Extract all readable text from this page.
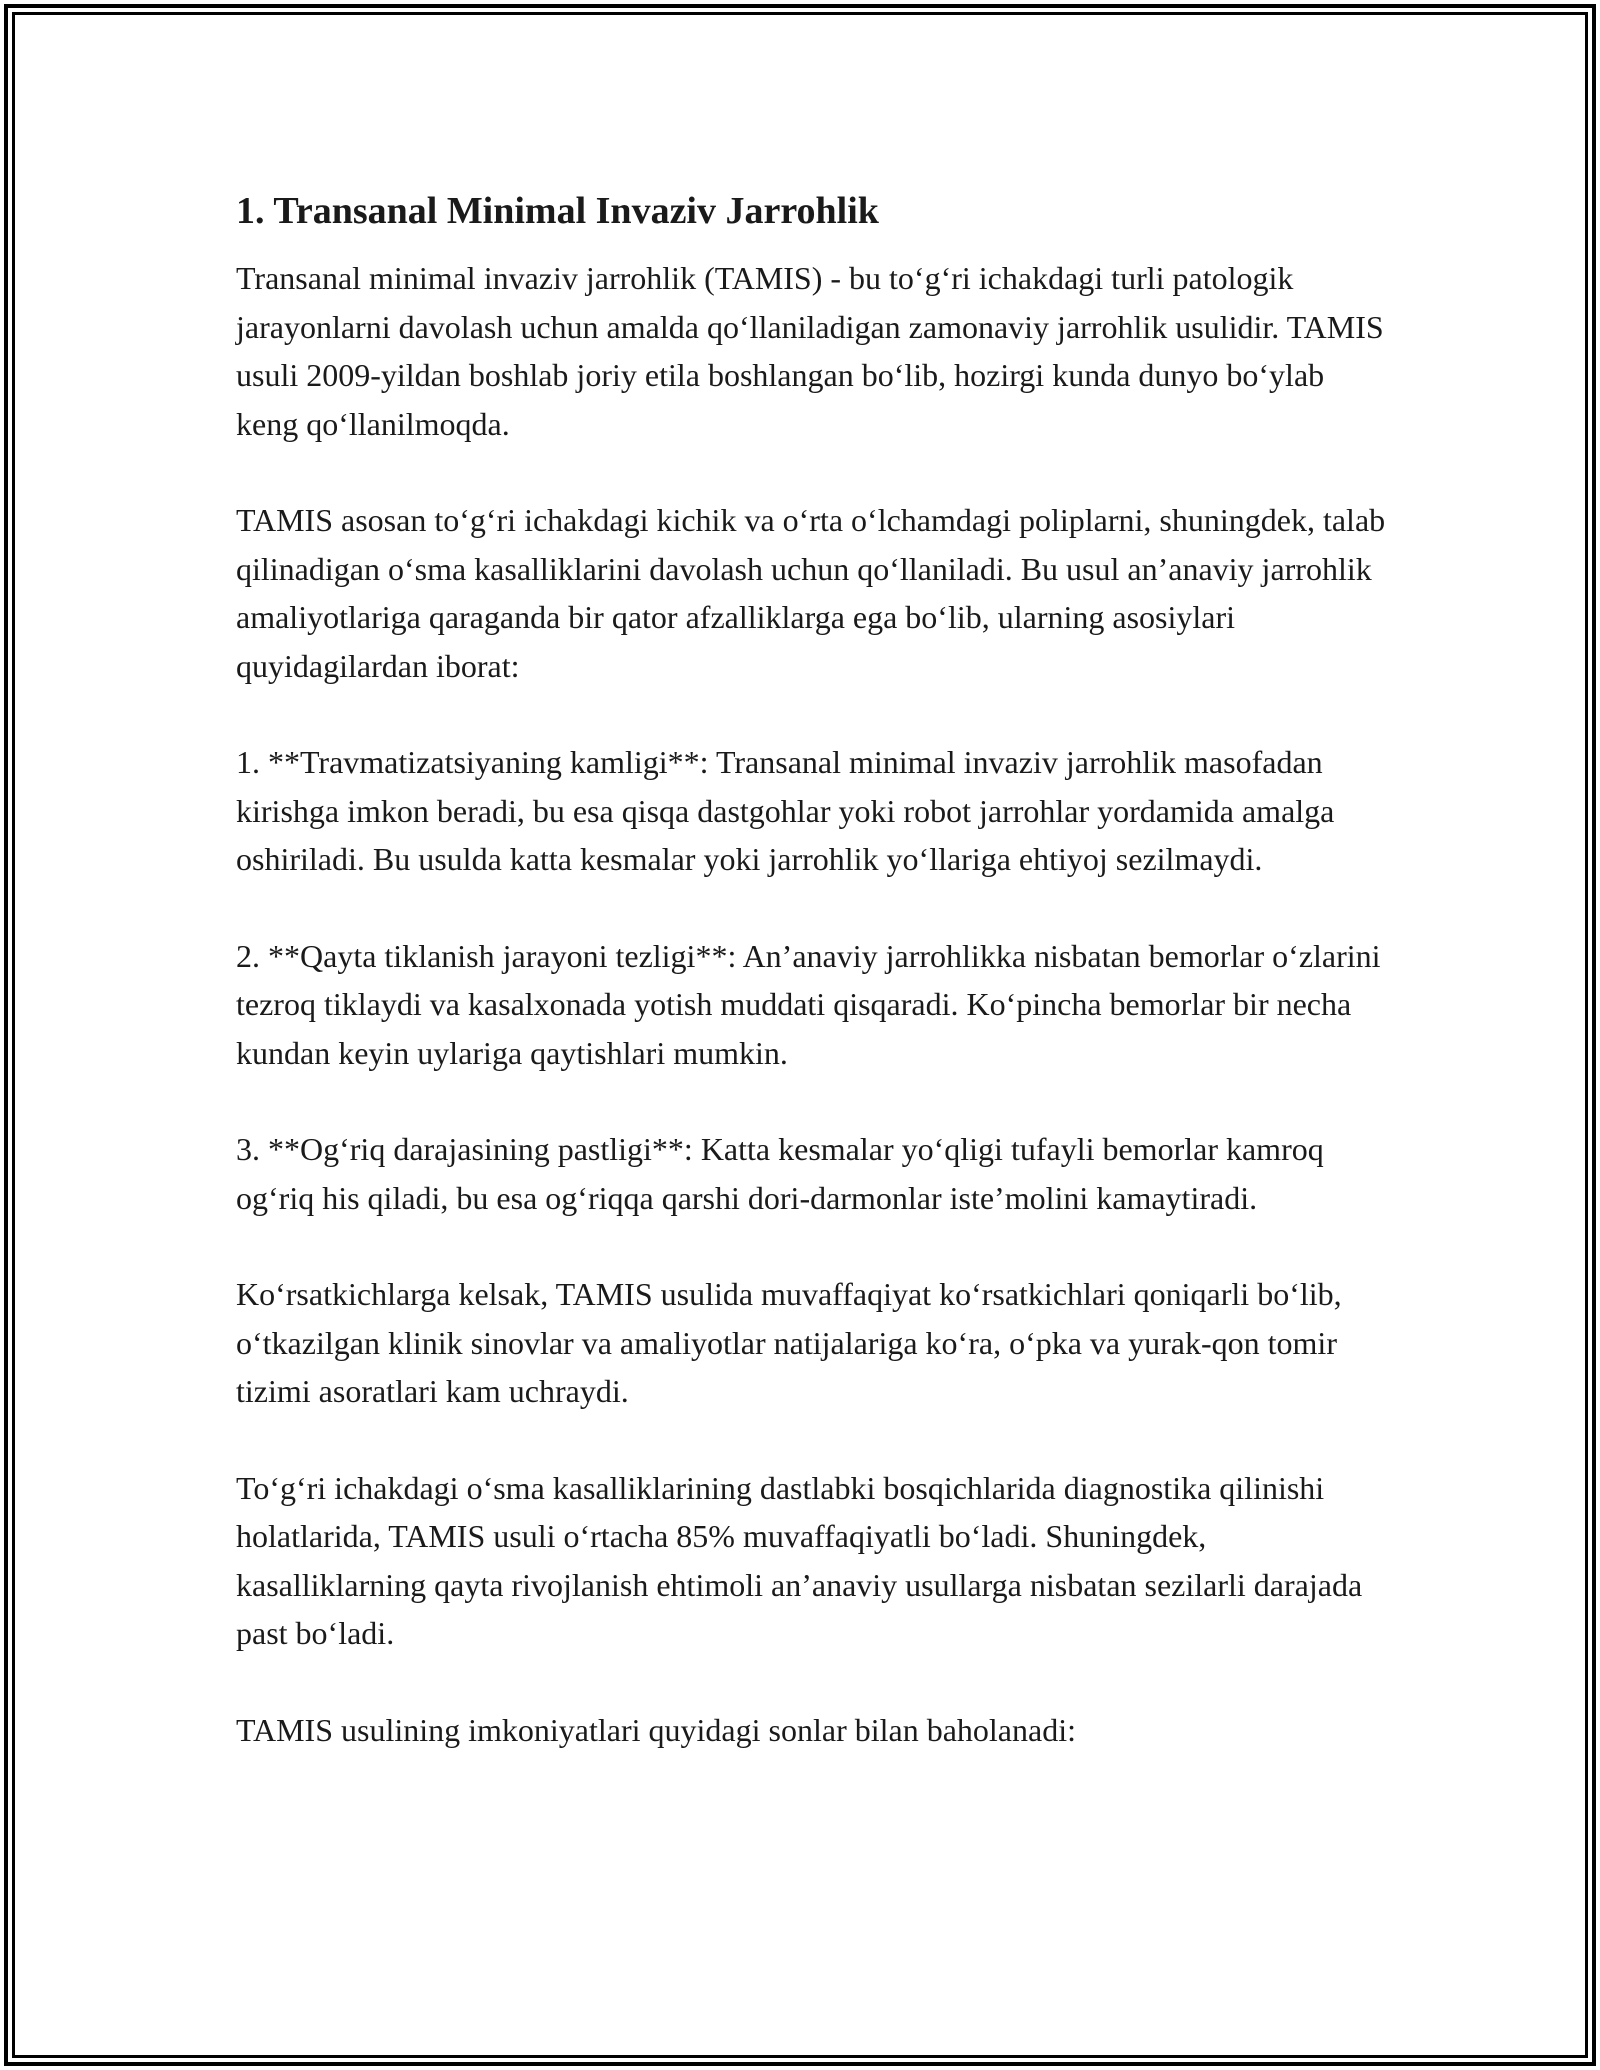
1. Transanal Minimal Invaziv Jarrohlik

Transanal minimal invaziv jarrohlik (TAMIS) - bu to‘g‘ri ichakdagi turli patologik jarayonlarni davolash uchun amalda qo‘llaniladigan zamonaviy jarrohlik usulidir. TAMIS usuli 2009-yildan boshlab joriy etila boshlangan bo‘lib, hozirgi kunda dunyo bo‘ylab keng qo‘llanilmoqda.

TAMIS asosan to‘g‘ri ichakdagi kichik va o‘rta o‘lchamdagi poliplarni, shuningdek, talab qilinadigan o‘sma kasalliklarini davolash uchun qo‘llaniladi. Bu usul an’anaviy jarrohlik amaliyotlariga qaraganda bir qator afzalliklarga ega bo‘lib, ularning asosiylari quyidagilardan iborat:

1. **Travmatizatsiyaning kamligi**: Transanal minimal invaziv jarrohlik masofadan kirishga imkon beradi, bu esa qisqa dastgohlar yoki robot jarrohlar yordamida amalga oshiriladi. Bu usulda katta kesmalar yoki jarrohlik yo‘llariga ehtiyoj sezilmaydi.

2. **Qayta tiklanish jarayoni tezligi**: An’anaviy jarrohlikka nisbatan bemorlar o‘zlarini tezroq tiklaydi va kasalxonada yotish muddati qisqaradi. Ko‘pincha bemorlar bir necha kundan keyin uylariga qaytishlari mumkin.

3. **Og‘riq darajasining pastligi**: Katta kesmalar yo‘qligi tufayli bemorlar kamroq og‘riq his qiladi, bu esa og‘riqqa qarshi dori-darmonlar iste’molini kamaytiradi.

Ko‘rsatkichlarga kelsak, TAMIS usulida muvaffaqiyat ko‘rsatkichlari qoniqarli bo‘lib, o‘tkazilgan klinik sinovlar va amaliyotlar natijalariga ko‘ra, o‘pka va yurak-qon tomir tizimi asoratlari kam uchraydi.

To‘g‘ri ichakdagi o‘sma kasalliklarining dastlabki bosqichlarida diagnostika qilinishi holatlarida, TAMIS usuli o‘rtacha 85% muvaffaqiyatli bo‘ladi. Shuningdek, kasalliklarning qayta rivojlanish ehtimoli an’anaviy usullarga nisbatan sezilarli darajada past bo‘ladi.

TAMIS usulining imkoniyatlari quyidagi sonlar bilan baholanadi:
